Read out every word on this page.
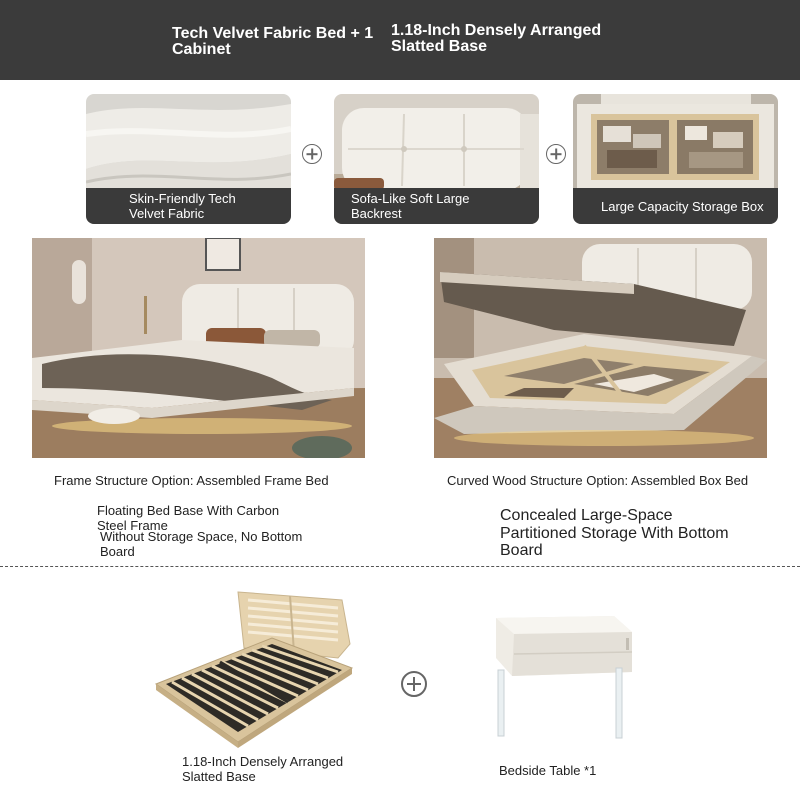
Tech Velvet Fabric Bed + 1 Cabinet
1.18-Inch Densely Arranged Slatted Base
Skin-Friendly Tech Velvet Fabric
Sofa-Like Soft Large Backrest	Large Capacity Storage Box
Frame Structure Option: Assembled Frame Bed	Curved Wood Structure Option: Assembled Box Bed
Floating Bed Base With Carbon Steel Frame
Without Storage Space, No Bottom Board
Concealed Large-Space Partitioned Storage With Bottom Board
1.18-Inch Densely Arranged Slatted Base	Bedside Table *1
